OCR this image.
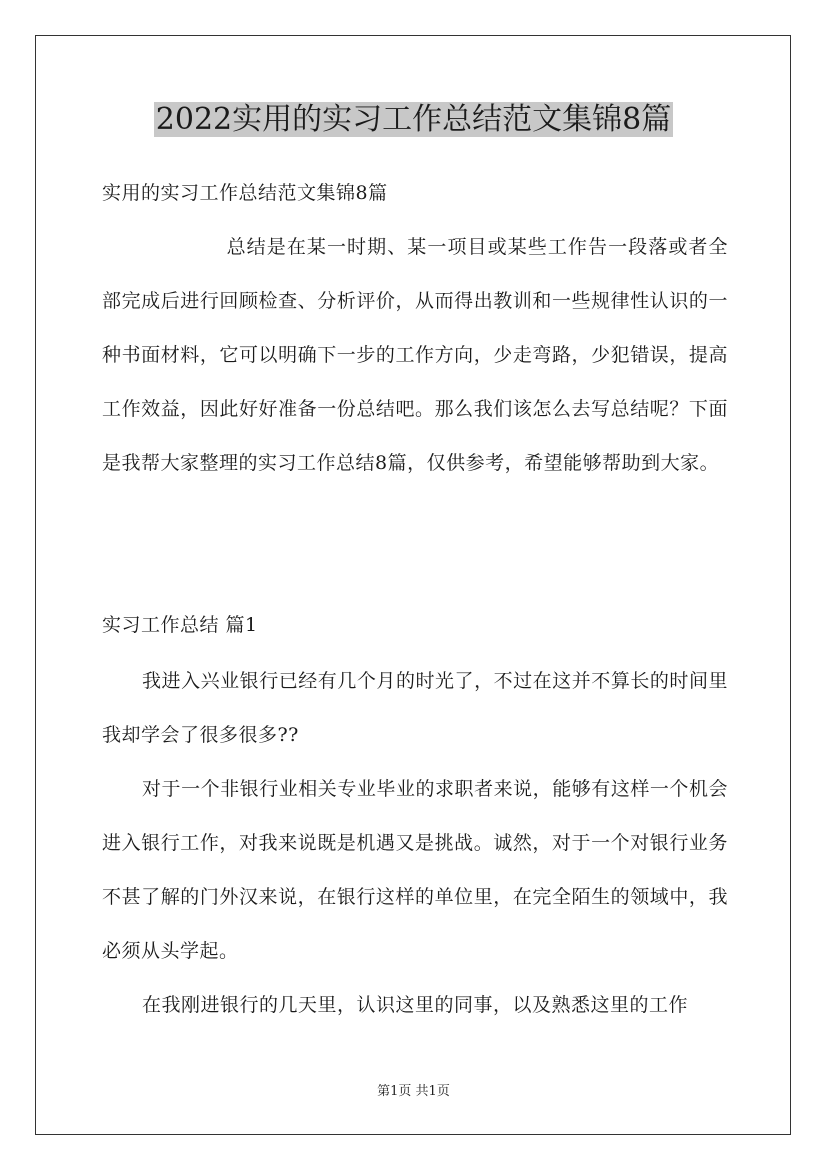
2022实用的实习工作总结范文集锦8篇
实用的实习工作总结范文集锦8篇
总结是在某一时期、某一项目或某些工作告一段落或者全部完成后进行回顾检查、分析评价，从而得出教训和一些规律性认识的一种书面材料，它可以明确下一步的工作方向，少走弯路，少犯错误，提高工作效益，因此好好准备一份总结吧。那么我们该怎么去写总结呢？下面是我帮大家整理的实习工作总结8篇，仅供参考，希望能够帮助到大家。
实习工作总结 篇1
我进入兴业银行已经有几个月的时光了，不过在这并不算长的时间里我却学会了很多很多??
对于一个非银行业相关专业毕业的求职者来说，能够有这样一个机会进入银行工作，对我来说既是机遇又是挑战。诚然，对于一个对银行业务不甚了解的门外汉来说，在银行这样的单位里，在完全陌生的领域中，我必须从头学起。
在我刚进银行的几天里，认识这里的同事，以及熟悉这里的工作
第1页 共1页
